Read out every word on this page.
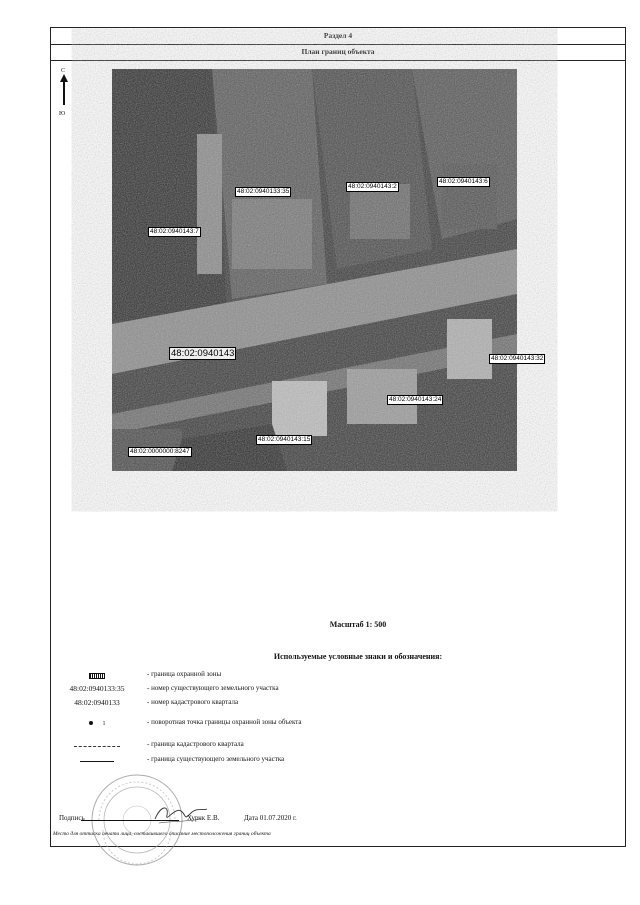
Раздел 4
План границ объекта
С
Ю
48:02:0940133:35
48:02:0940143:2
48:02:0940143:6
48:02:0940143:7
48:02:0940143	48:02:0940143:32
48:02:0940143:24
48:02:0940143:15
48:02:0000000:8247
Масштаб 1: 500
Используемые условные знаки и обозначения:
- граница охранной зоны
48:02:0940133:35	- номер существующего земельного участка
48:02:0940133	- номер кадастрового квартала
1	- поворотная точка границы охранной зоны объекта
- граница кадастрового квартала
- граница существующего земельного участка
Подпись	Хурчк Е.В.	Дата 01.07.2020 г.
Место для оттиска печати лица, составившего описание местоположения границ объекта
